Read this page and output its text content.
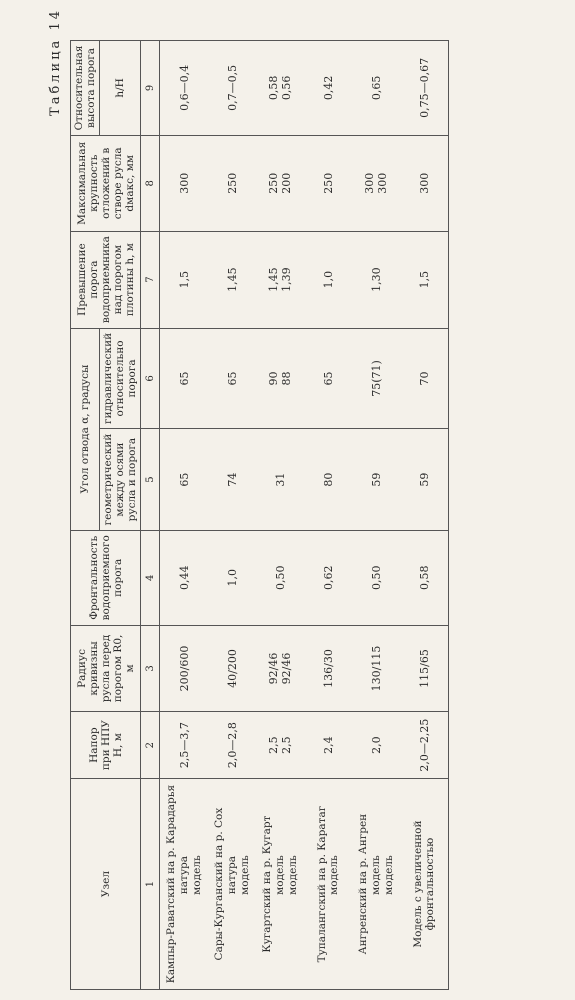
Таблица 14
Узел	Напор при НПУ H, м	Радиус кривизны русла перед порогом R0, м	Фронтальность водоприемного порога	Угол отвода α, градусы		Превышение порога водоприемника над порогом плотины h, м	Максимальная крупность отложений в створе русла dмакс, мм	Относительная высота порога
				геометрический между осями русла и порога	гидравлический относительно порога			h/H
1	2	3	4	5	6	7	8	9

Кампыр-Раватский на р. Карадарья натура модель	2,5—3,7	200/600	0,44	65	65	1,5	300	0,6—0,4

Сары-Курганский на р. Сох натура модель	2,0—2,8	40/200	1,0	74	65	1,45	250	0,7—0,5

Кугартский на р. Кугарт модель модель	2,5 2,5	92/46 92/46	0,50	31	90 88	1,45 1,39	250 200	0,58 0,56

Тупалангский на р. Каратаг модель	2,4	136/30	0,62	80	65	1,0	250	0,42

Ангренский на р. Ангрен модель модель	2,0	130/115	0,50	59	75(71)	1,30	300 300	0,65

Модель с увеличенной фронтальностью	2,0—2,25	115/65	0,58	59	70	1,5	300	0,75—0,67
